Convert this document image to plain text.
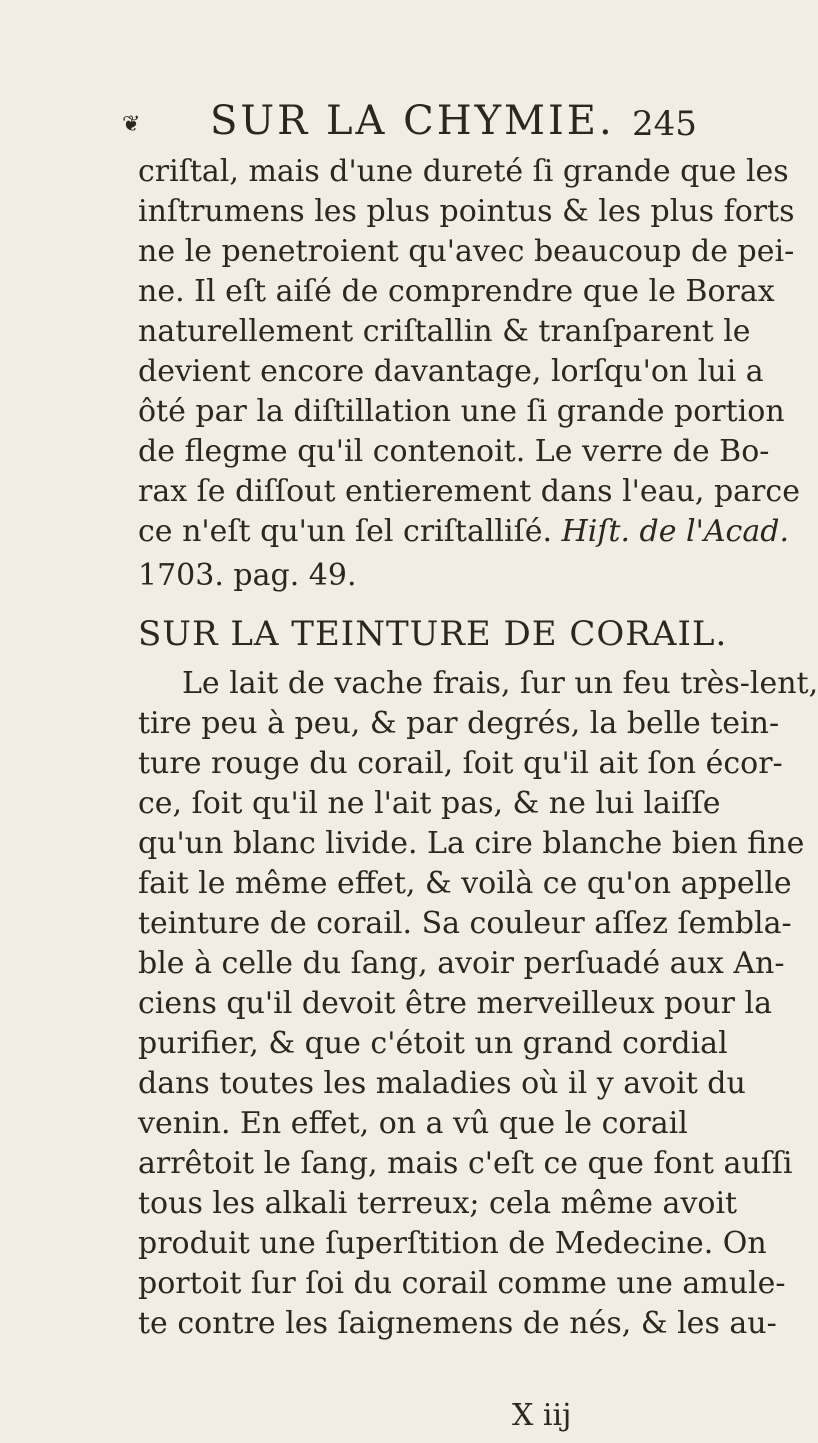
❦ SUR LA CHYMIE. 245
criſtal, mais d'une dureté ſi grande que les
inſtrumens les plus pointus & les plus forts
ne le penetroient qu'avec beaucoup de pei-
ne. Il eſt aiſé de comprendre que le Borax
naturellement criſtallin & tranſparent le
devient encore davantage, lorſqu'on lui a
ôté par la diſtillation une ſi grande portion
de flegme qu'il contenoit. Le verre de Bo-
rax ſe diſſout entierement dans l'eau, parce
ce n'eſt qu'un ſel criſtalliſé. Hiſt. de l'Acad.
1703. pag. 49.
SUR LA TEINTURE DE CORAIL.
Le lait de vache frais, ſur un feu très-lent,
tire peu à peu, & par degrés, la belle tein-
ture rouge du corail, ſoit qu'il ait ſon écor-
ce, ſoit qu'il ne l'ait pas, & ne lui laiſſe
qu'un blanc livide. La cire blanche bien fine
fait le même effet, & voilà ce qu'on appelle
teinture de corail. Sa couleur aſſez ſembla-
ble à celle du ſang, avoir perſuadé aux An-
ciens qu'il devoit être merveilleux pour la
purifier, & que c'étoit un grand cordial
dans toutes les maladies où il y avoit du
venin. En effet, on a vû que le corail
arrêtoit le ſang, mais c'eſt ce que font auſſi
tous les alkali terreux; cela même avoit
produit une ſuperſtition de Medecine. On
portoit ſur ſoi du corail comme une amule-
te contre les ſaignemens de nés, & les au-
X iij
